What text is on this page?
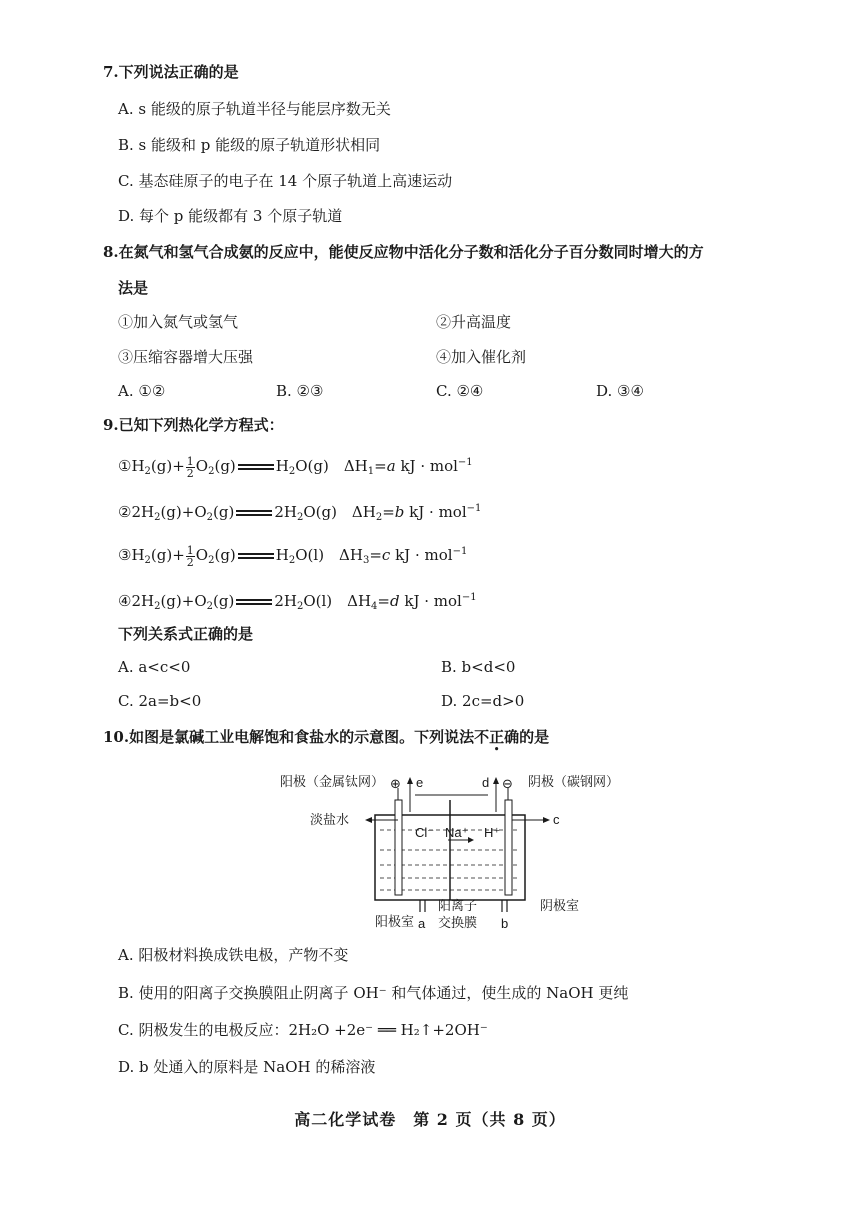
7.下列说法正确的是
A. s 能级的原子轨道半径与能层序数无关
B. s 能级和 p 能级的原子轨道形状相同
C. 基态硅原子的电子在 14 个原子轨道上高速运动
D. 每个 p 能级都有 3 个原子轨道
8.在氮气和氢气合成氨的反应中，能使反应物中活化分子数和活化分子百分数同时增大的方
法是
①加入氮气或氢气	②升高温度
③压缩容器增大压强	④加入催化剂
A. ①②	B. ②③	C. ②④	D. ③④
9.已知下列热化学方程式：
$①H_2(g)+ \frac{1}{2} O_2(g)$	$H_2O(g)$　$\Delta H_1=a$ kJ · mol$^{-1}$
$②2H_2(g)+O_2(g)$	$2H_2O(g)$　$\Delta H_2=b$ kJ · mol$^{-1}$
$③H_2(g)+ \frac{1}{2} O_2(g)$	$H_2O(l)$　$\Delta H_3=c$ kJ · mol$^{-1}$
$④2H_2(g)+O_2(g)$	$2H_2O(l)$　$\Delta H_4=d$ kJ · mol$^{-1}$
下列关系式正确的是
A. a<c<0	B. b<d<0
C. 2a=b<0	D. 2c=d>0
10.如图是氯碱工业电解饱和食盐水的示意图。下列说法不正确的是
阳极（金属钛网） ⊕ e	d ⊖ 阴极（碳钢网）
淡盐水	c
Cl⁻ Na⁺ H⁺
阳极室 a
阳离子
交换膜 b
阴极室
A. 阳极材料换成铁电极，产物不变
B. 使用的阳离子交换膜阻止阴离子 OH⁻ 和气体通过，使生成的 NaOH 更纯
C. 阴极发生的电极反应：2H₂O +2e⁻ ══ H₂↑+2OH⁻
D. b 处通入的原料是 NaOH 的稀溶液
高二化学试卷　第 2 页（共 8 页）
